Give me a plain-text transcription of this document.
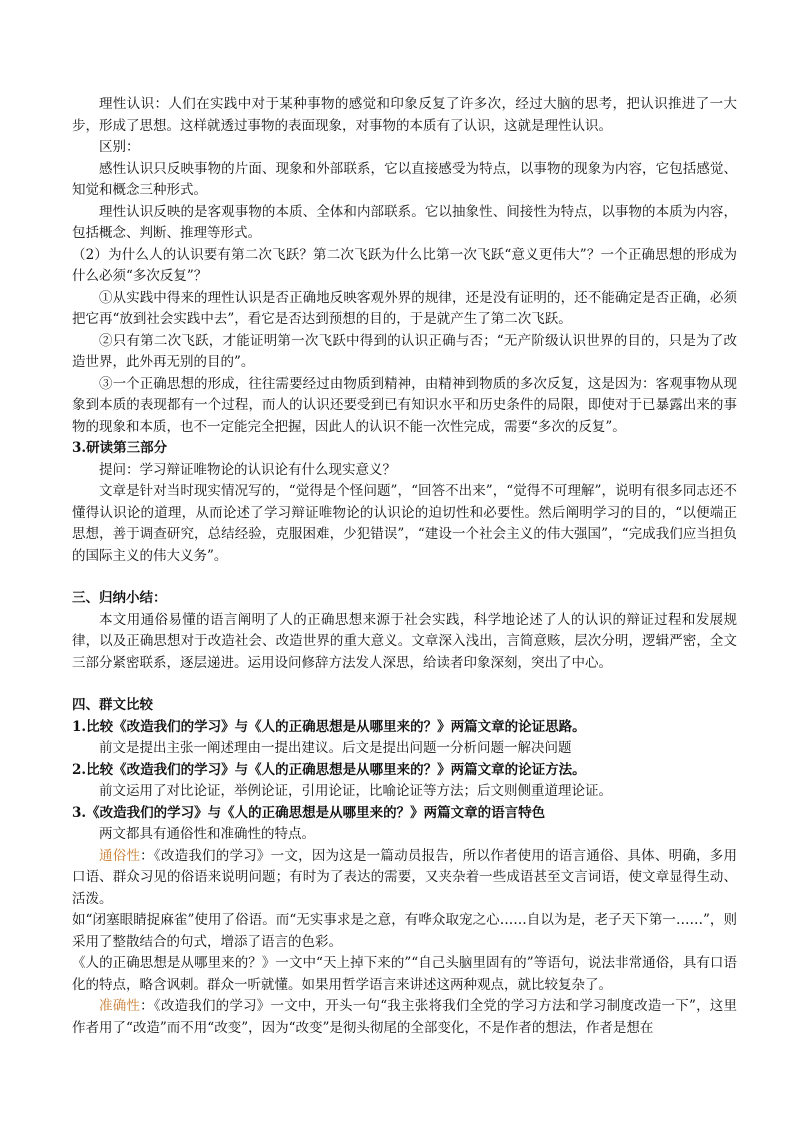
理性认识：人们在实践中对于某种事物的感觉和印象反复了许多次，经过大脑的思考，把认识推进了一大步，形成了思想。这样就透过事物的表面现象，对事物的本质有了认识，这就是理性认识。

区别：

感性认识只反映事物的片面、现象和外部联系，它以直接感受为特点，以事物的现象为内容，它包括感觉、知觉和概念三种形式。

理性认识反映的是客观事物的本质、全体和内部联系。它以抽象性、间接性为特点，以事物的本质为内容，包括概念、判断、推理等形式。

（2）为什么人的认识要有第二次飞跃？第二次飞跃为什么比第一次飞跃“意义更伟大”？一个正确思想的形成为什么必须“多次反复”？

①从实践中得来的理性认识是否正确地反映客观外界的规律，还是没有证明的，还不能确定是否正确，必须把它再“放到社会实践中去”，看它是否达到预想的目的，于是就产生了第二次飞跃。

②只有第二次飞跃，才能证明第一次飞跃中得到的认识正确与否；“无产阶级认识世界的目的，只是为了改造世界，此外再无别的目的”。

③一个正确思想的形成，往往需要经过由物质到精神，由精神到物质的多次反复，这是因为：客观事物从现象到本质的表现都有一个过程，而人的认识还要受到已有知识水平和历史条件的局限，即使对于已暴露出来的事物的现象和本质，也不一定能完全把握，因此人的认识不能一次性完成，需要“多次的反复”。

3.研读第三部分

提问：学习辩证唯物论的认识论有什么现实意义？

文章是针对当时现实情况写的，“觉得是个怪问题”，“回答不出来”，“觉得不可理解”，说明有很多同志还不懂得认识论的道理，从而论述了学习辩证唯物论的认识论的迫切性和必要性。然后阐明学习的目的，“以便端正思想，善于调查研究，总结经验，克服困难，少犯错误”，“建设一个社会主义的伟大强国”，“完成我们应当担负的国际主义的伟大义务”。

三、归纳小结：

本文用通俗易懂的语言阐明了人的正确思想来源于社会实践，科学地论述了人的认识的辩证过程和发展规律，以及正确思想对于改造社会、改造世界的重大意义。文章深入浅出，言简意赅，层次分明，逻辑严密，全文三部分紧密联系，逐层递进。运用设问修辞方法发人深思，给读者印象深刻，突出了中心。

四、群文比较

1.比较《改造我们的学习》与《人的正确思想是从哪里来的？》两篇文章的论证思路。

前文是提出主张一阐述理由一提出建议。后文是提出问题一分析问题一解决问题

2.比较《改造我们的学习》与《人的正确思想是从哪里来的？》两篇文章的论证方法。

前文运用了对比论证，举例论证，引用论证，比喻论证等方法；后文则侧重道理论证。

3.《改造我们的学习》与《人的正确思想是从哪里来的？》两篇文章的语言特色

两文都具有通俗性和准确性的特点。

通俗性：《改造我们的学习》一文，因为这是一篇动员报告，所以作者使用的语言通俗、具体、明确，多用口语、群众习见的俗语来说明问题；有时为了表达的需要，又夹杂着一些成语甚至文言词语，使文章显得生动、活泼。

如“闭塞眼睛捉麻雀”使用了俗语。而“无实事求是之意，有哗众取宠之心……自以为是，老子天下第一……”，则采用了整散结合的句式，增添了语言的色彩。

《人的正确思想是从哪里来的？》一文中“天上掉下来的”“自己头脑里固有的”等语句，说法非常通俗，具有口语化的特点，略含讽刺。群众一听就懂。如果用哲学语言来讲述这两种观点，就比较复杂了。

准确性：《改造我们的学习》一文中，开头一句“我主张将我们全党的学习方法和学习制度改造一下”，这里作者用了“改造”而不用“改变”，因为“改变”是彻头彻尾的全部变化，不是作者的想法，作者是想在
